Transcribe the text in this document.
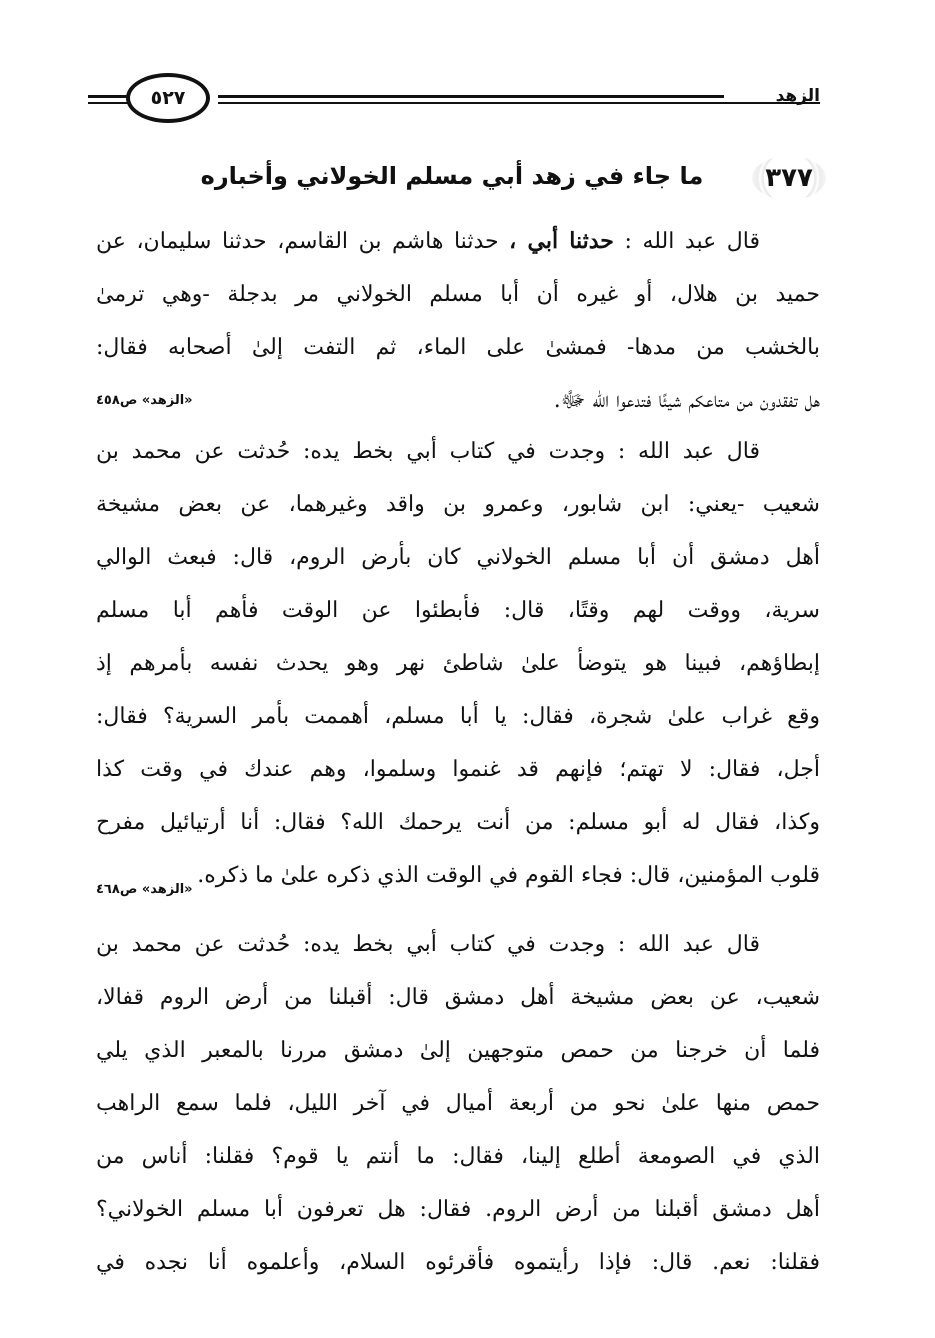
الزهد
٥٢٧
٣٧٧
ما جاء في زهد أبي مسلم الخولاني وأخباره
قال عبد الله : حدثنا أبي ، حدثنا هاشم بن القاسم، حدثنا سليمان، عن
حميد بن هلال، أو غيره أن أبا مسلم الخولاني مر بدجلة -وهي ترمىٰ
بالخشب من مدها- فمشىٰ على الماء، ثم التفت إلىٰ أصحابه فقال:
هل تفقدون من متاعكم شيئًا فتدعوا الله ﷻ.
«الزهد» ص٤٥٨
قال عبد الله : وجدت في كتاب أبي بخط يده: حُدثت عن محمد بن
شعيب -يعني: ابن شابور، وعمرو بن واقد وغيرهما، عن بعض مشيخة
أهل دمشق أن أبا مسلم الخولاني كان بأرض الروم، قال: فبعث الوالي
سرية، ووقت لهم وقتًا، قال: فأبطئوا عن الوقت فأهم أبا مسلم
إبطاؤهم، فبينا هو يتوضأ علىٰ شاطئ نهر وهو يحدث نفسه بأمرهم إذ
وقع غراب علىٰ شجرة، فقال: يا أبا مسلم، أهممت بأمر السرية؟ فقال:
أجل، فقال: لا تهتم؛ فإنهم قد غنموا وسلموا، وهم عندك في وقت كذا
وكذا، فقال له أبو مسلم: من أنت يرحمك الله؟ فقال: أنا أرتيائيل مفرح
قلوب المؤمنين، قال: فجاء القوم في الوقت الذي ذكره علىٰ ما ذكره.
«الزهد» ص٤٦٨
قال عبد الله : وجدت في كتاب أبي بخط يده: حُدثت عن محمد بن
شعيب، عن بعض مشيخة أهل دمشق قال: أقبلنا من أرض الروم قفالا،
فلما أن خرجنا من حمص متوجهين إلىٰ دمشق مررنا بالمعبر الذي يلي
حمص منها علىٰ نحو من أربعة أميال في آخر الليل، فلما سمع الراهب
الذي في الصومعة أطلع إلينا، فقال: ما أنتم يا قوم؟ فقلنا: أناس من
أهل دمشق أقبلنا من أرض الروم. فقال: هل تعرفون أبا مسلم الخولاني؟
فقلنا: نعم. قال: فإذا رأيتموه فأقرئوه السلام، وأعلموه أنا نجده في
